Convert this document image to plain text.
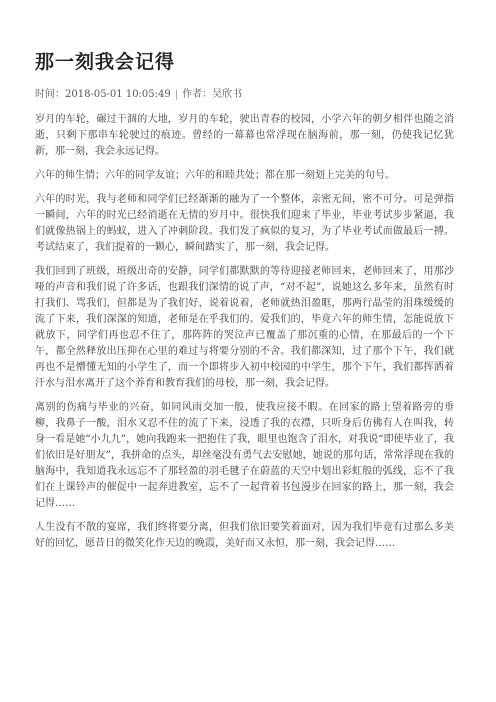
那一刻我会记得
时间：2018-05-01 10:05:49 | 作者：吴欣书

岁月的车轮，碾过干涸的大地，岁月的车轮，驶出青春的校园，小学六年的朝夕相伴也随之消逝，只剩下那串车轮驶过的痕迹。曾经的一幕幕也常浮现在脑海前，那一刻，仍使我记忆犹新，那一刻，我会永远记得。

六年的师生情；六年的同学友谊；六年的和睦共处；都在那一刻划上完美的句号。

六年的时光，我与老师和同学们已经渐渐的融为了一个整体，亲密无间，密不可分。可是弹指一瞬间，六年的时光已经消逝在无情的岁月中。很快我们迎来了毕业，毕业考试步步紧逼，我们就像热锅上的蚂蚁，进入了冲刺阶段。我们发了疯似的复习，为了毕业考试而做最后一搏。考试结束了，我们提着的一颗心，瞬间踏实了，那一刻，我会记得。

我们回到了班级，班级出奇的安静，同学们都默默的等待迎接老师回来，老师回来了，用那沙哑的声音和我们说了许多话，也跟我们深情的说了声，“对不起”，说她这么多年来，虽然有时打我们、骂我们，但都是为了我们好，说着说着，老师就热泪盈眶，那两行晶莹的泪珠缓缓的流了下来，我们深深的知道，老师是在乎我们的、爱我们的，毕竟六年的师生情，怎能说放下就放下，同学们再也忍不住了，那阵阵的哭泣声已覆盖了那沉重的心情，在那最后的一个下午，都全然释放出压抑在心里的难过与将要分别的不舍。我们都深知，过了那个下午，我们就再也不是懵懂无知的小学生了，而一个即将步入初中校园的中学生，那个下午，我们都挥洒着汗水与泪水离开了这个养育和教育我们的母校，那一刻，我会记得。

离别的伤痛与毕业的兴奋，如同风雨交加一般，使我应接不暇。在回家的路上望着路旁的垂柳，我鼻子一酸，泪水又忍不住的流了下来，浸透了我的衣襟，只听身后仿佛有人在叫我，转身一看是她“小九九”，她向我跑来一把抱住了我，眼里也饱含了泪水，对我说“即使毕业了，我们依旧是好朋友”，我拼命的点头，却丝毫没有勇气去安慰她，她说的那句话，常常浮现在我的脑海中，我知道我永远忘不了那轻盈的羽毛毽子在蔚蓝的天空中划出彩虹般的弧线，忘不了我们在上课铃声的催促中一起奔进教室，忘不了一起背着书包漫步在回家的路上，那一刻，我会记得……

人生没有不散的宴席，我们终将要分离，但我们依旧要笑着面对，因为我们毕竟有过那么多美好的回忆，愿昔日的微笑化作天边的晚霞，美好而又永恒，那一刻，我会记得……
